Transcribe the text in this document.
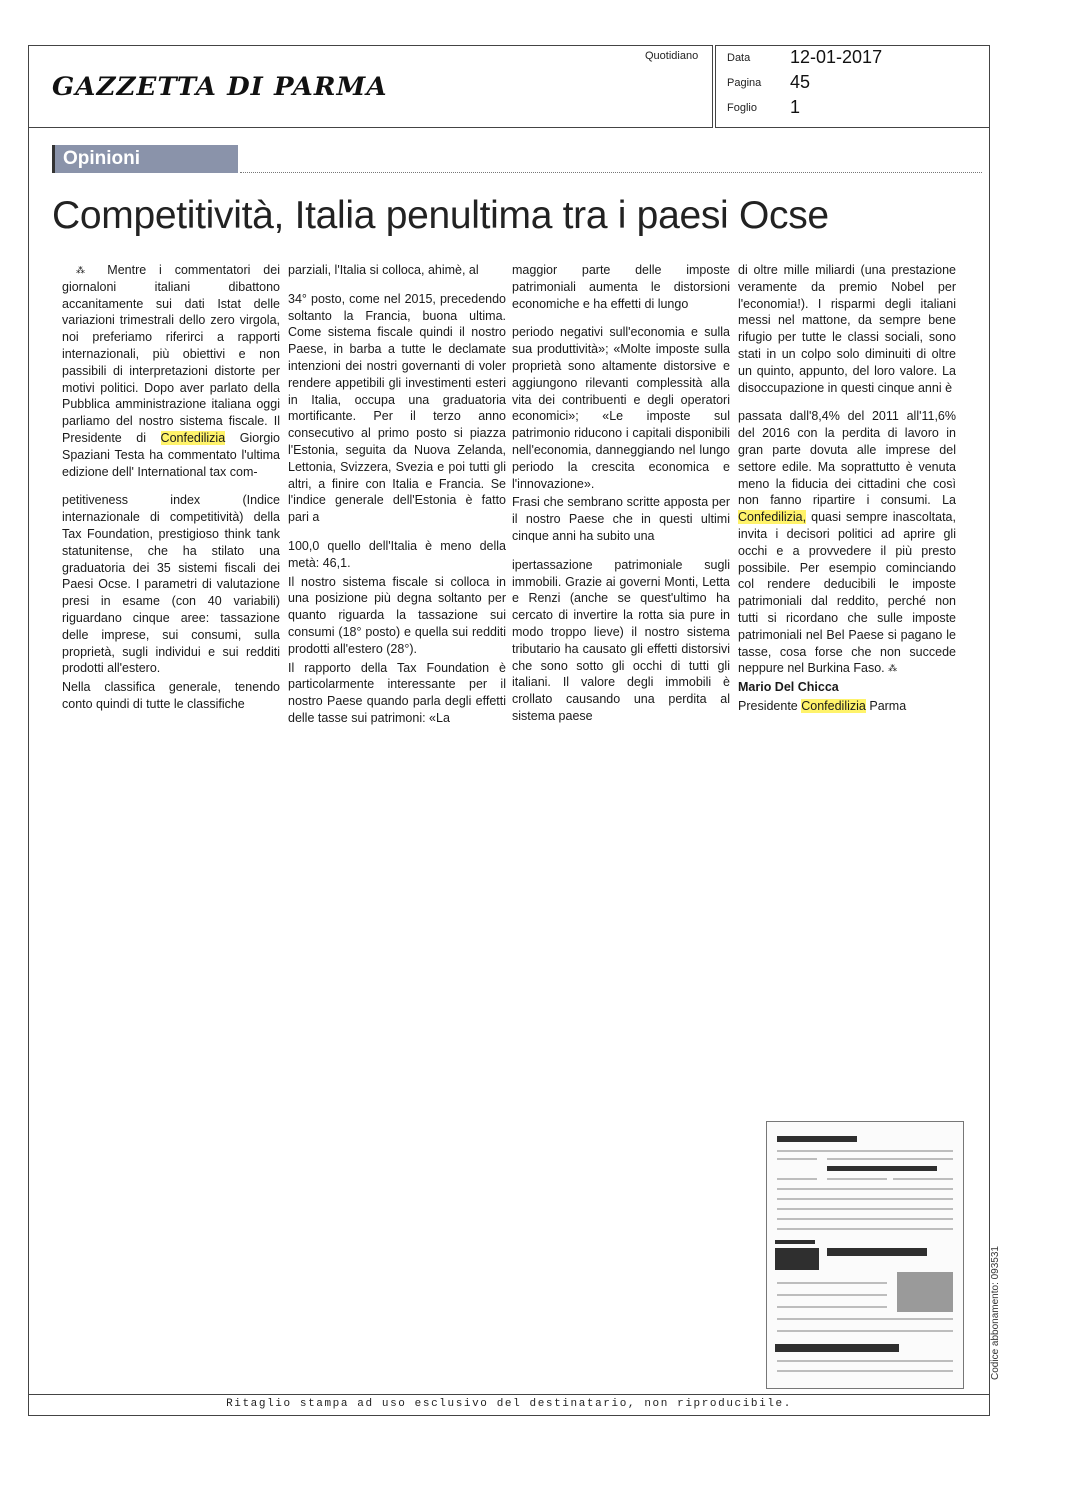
GAZZETTA DI PARMA
Quotidiano	Data 12-01-2017
Pagina 45
Foglio 1
Opinioni
Competitività, Italia penultima tra i paesi Ocse

⁂ Mentre i commentatori dei giornaloni italiani dibattono accanitamente sui dati Istat delle variazioni trimestrali dello zero virgola, noi preferiamo riferirci a rapporti internazionali, più obiettivi e non passibili di interpretazioni distorte per motivi politici. Dopo aver parlato della Pubblica amministrazione italiana oggi parliamo del nostro sistema fiscale. Il Presidente di Confedilizia Giorgio Spaziani Testa ha commentato l'ultima edizione dell' International tax com-

petitiveness index (Indice internazionale di competitività) della Tax Foundation, prestigioso think tank statunitense, che ha stilato una graduatoria dei 35 sistemi fiscali dei Paesi Ocse. I parametri di valutazione presi in esame (con 40 variabili) riguardano cinque aree: tassazione delle imprese, sui consumi, sulla proprietà, sugli individui e sui redditi prodotti all'estero.

Nella classifica generale, tenendo conto quindi di tutte le classifiche

parziali, l'Italia si colloca, ahimè, al

34° posto, come nel 2015, precedendo soltanto la Francia, buona ultima. Come sistema fiscale quindi il nostro Paese, in barba a tutte le declamate intenzioni dei nostri governanti di voler rendere appetibili gli investimenti esteri in Italia, occupa una graduatoria mortificante. Per il terzo anno consecutivo al primo posto si piazza l'Estonia, seguita da Nuova Zelanda, Lettonia, Svizzera, Svezia e poi tutti gli altri, a finire con Italia e Francia. Se l'indice generale dell'Estonia è fatto pari a

100,0 quello dell'Italia è meno della metà: 46,1.

Il nostro sistema fiscale si colloca in una posizione più degna soltanto per quanto riguarda la tassazione sui consumi (18° posto) e quella sui redditi prodotti all'estero (28°).

Il rapporto della Tax Foundation è particolarmente interessante per il nostro Paese quando parla degli effetti delle tasse sui patrimoni: «La

maggior parte delle imposte patrimoniali aumenta le distorsioni economiche e ha effetti di lungo

periodo negativi sull'economia e sulla sua produttività»; «Molte imposte sulla proprietà sono altamente distorsive e aggiungono rilevanti complessità alla vita dei contribuenti e degli operatori economici»; «Le imposte sul patrimonio riducono i capitali disponibili nell'economia, danneggiando nel lungo periodo la crescita economica e l'innovazione».

Frasi che sembrano scritte apposta per il nostro Paese che in questi ultimi cinque anni ha subito una

ipertassazione patrimoniale sugli immobili. Grazie ai governi Monti, Letta e Renzi (anche se quest'ultimo ha cercato di invertire la rotta sia pure in modo troppo lieve) il nostro sistema tributario ha causato gli effetti distorsivi che sono sotto gli occhi di tutti gli italiani. Il valore degli immobili è crollato causando una perdita al sistema paese

di oltre mille miliardi (una prestazione veramente da premio Nobel per l'economia!). I risparmi degli italiani messi nel mattone, da sempre bene rifugio per tutte le classi sociali, sono stati in un colpo solo diminuiti di oltre un quinto, appunto, del loro valore. La disoccupazione in questi cinque anni è

passata dall'8,4% del 2011 all'11,6% del 2016 con la perdita di lavoro in gran parte dovuta alle imprese del settore edile. Ma soprattutto è venuta meno la fiducia dei cittadini che così non fanno ripartire i consumi. La Confedilizia, quasi sempre inascoltata, invita i decisori politici ad aprire gli occhi e a provvedere il più presto possibile. Per esempio cominciando col rendere deducibili le imposte patrimoniali dal reddito, perché non tutti si ricordano che sulle imposte patrimoniali nel Bel Paese si pagano le tasse, cosa forse che non succede neppure nel Burkina Faso. ⁂

Mario Del Chicca

Presidente Confedilizia Parma

Codice abbonamento: 093531
Ritaglio stampa ad uso esclusivo del destinatario, non riproducibile.
